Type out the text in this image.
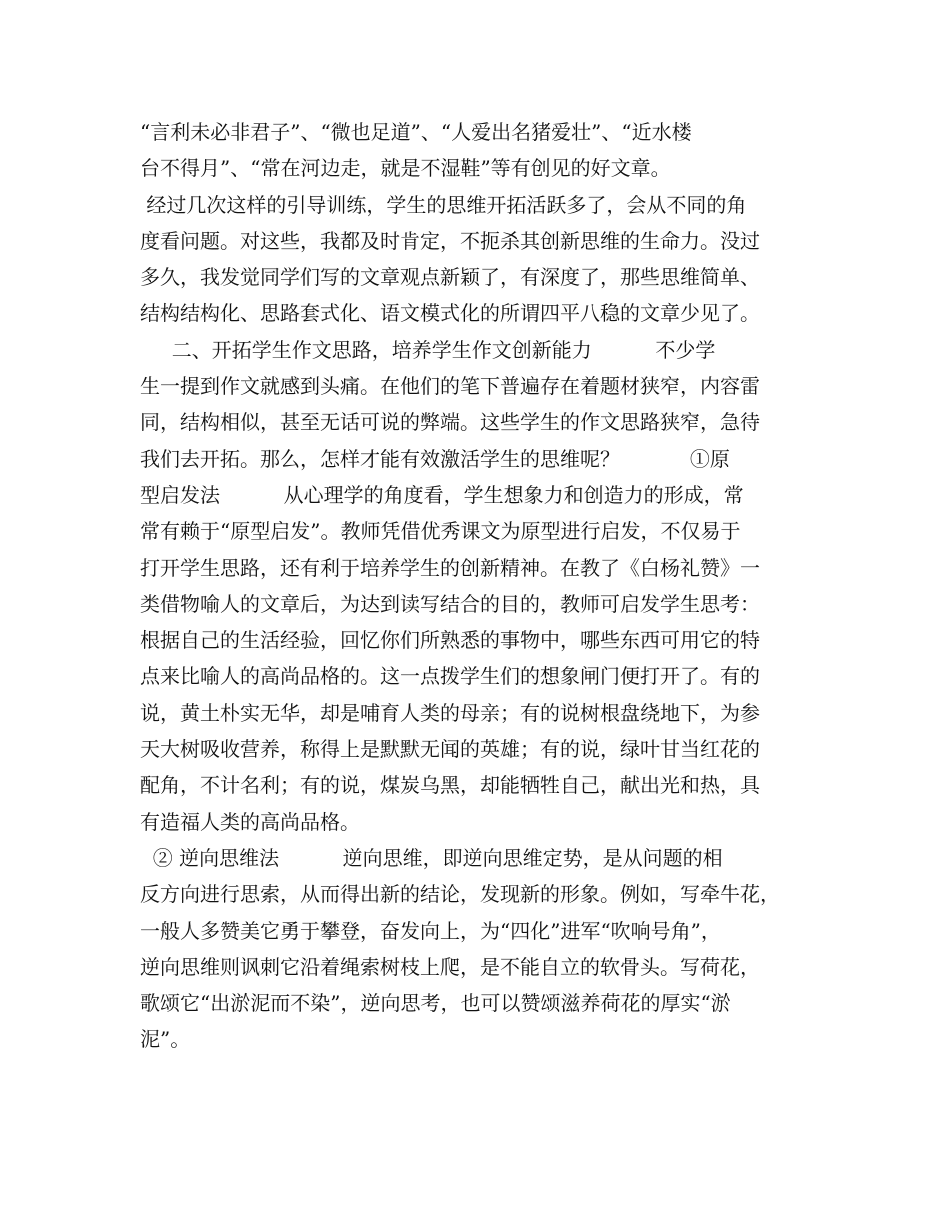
“言利未必非君子”、“微也足道”、“人爱出名猪爱壮”、“近水楼
台不得月”、“常在河边走，就是不湿鞋”等有创见的好文章。
经过几次这样的引导训练，学生的思维开拓活跃多了，会从不同的角
度看问题。对这些，我都及时肯定，不扼杀其创新思维的生命力。没过
多久，我发觉同学们写的文章观点新颖了，有深度了，那些思维简单、
结构结构化、思路套式化、语文模式化的所谓四平八稳的文章少见了。
二、开拓学生作文思路，培养学生作文创新能力          不少学
生一提到作文就感到头痛。在他们的笔下普遍存在着题材狭窄，内容雷
同，结构相似，甚至无话可说的弊端。这些学生的作文思路狭窄，急待
我们去开拓。那么，怎样才能有效激活学生的思维呢？           ①原
型启发法          从心理学的角度看，学生想象力和创造力的形成，常
常有赖于“原型启发”。教师凭借优秀课文为原型进行启发，不仅易于
打开学生思路，还有利于培养学生的创新精神。在教了《白杨礼赞》一
类借物喻人的文章后，为达到读写结合的目的，教师可启发学生思考：
根据自己的生活经验，回忆你们所熟悉的事物中，哪些东西可用它的特
点来比喻人的高尚品格的。这一点拨学生们的想象闸门便打开了。有的
说，黄土朴实无华，却是哺育人类的母亲；有的说树根盘绕地下，为参
天大树吸收营养，称得上是默默无闻的英雄；有的说，绿叶甘当红花的
配角，不计名利；有的说，煤炭乌黑，却能牺牲自己，献出光和热，具
有造福人类的高尚品格。
② 逆向思维法          逆向思维，即逆向思维定势，是从问题的相
反方向进行思索，从而得出新的结论，发现新的形象。例如，写牵牛花，
一般人多赞美它勇于攀登，奋发向上，为“四化”进军“吹响号角”，
逆向思维则讽刺它沿着绳索树枝上爬，是不能自立的软骨头。写荷花，
歌颂它“出淤泥而不染”，逆向思考，也可以赞颂滋养荷花的厚实“淤
泥”。
